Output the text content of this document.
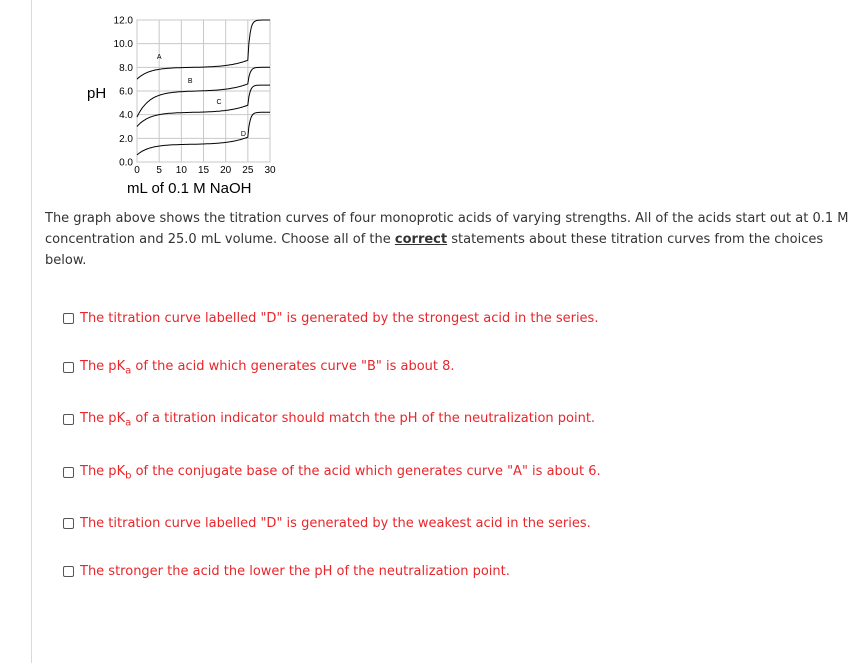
0.0
2.0
4.0
6.0
8.0
10.0
12.0
0 5 10 15 20 25 30
A
B
C
D
pH
mL of 0.1 M NaOH
The graph above shows the titration curves of four monoprotic acids of varying strengths. All of the acids start out at 0.1 M concentration and 25.0 mL volume. Choose all of the correct statements about these titration curves from the choices below.
The titration curve labelled "D" is generated by the strongest acid in the series.
The $pK_a$ of the acid which generates curve "B" is about 8.
The $pK_a$ of a titration indicator should match the pH of the neutralization point.
The $pK_b$ of the conjugate base of the acid which generates curve "A" is about 6.
The titration curve labelled "D" is generated by the weakest acid in the series.
The stronger the acid the lower the pH of the neutralization point.
